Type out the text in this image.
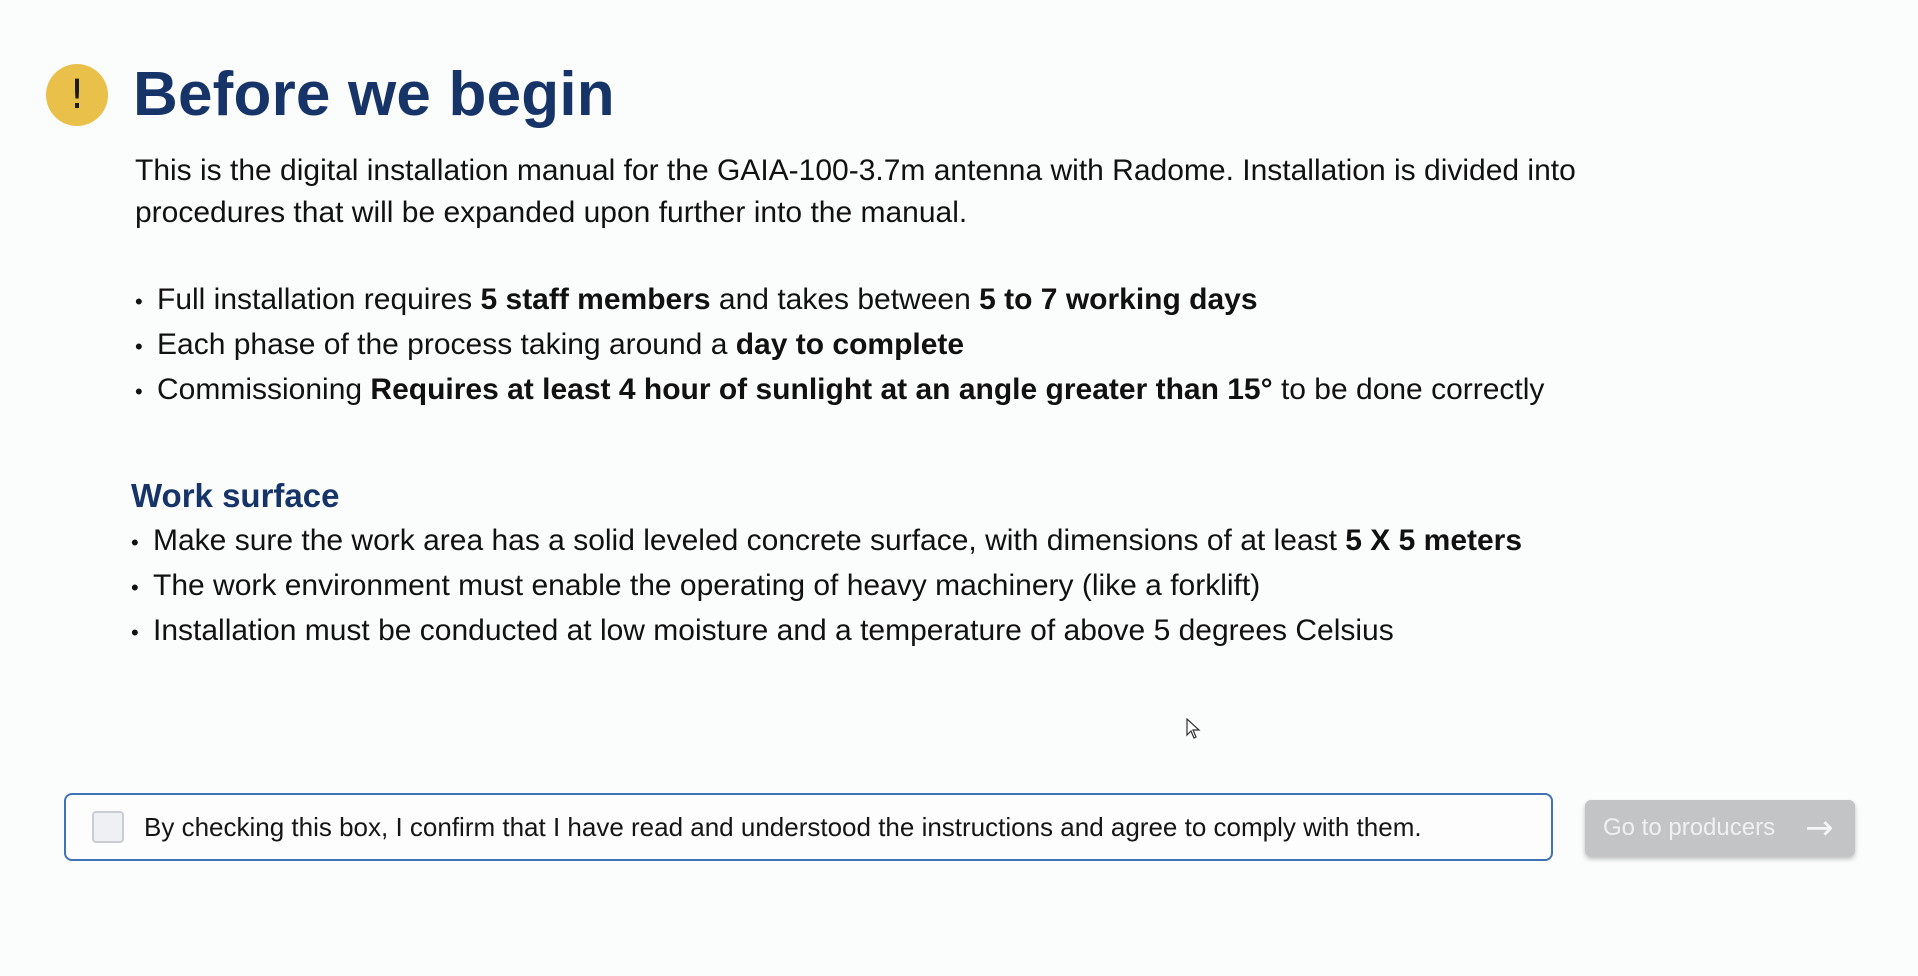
! Before we begin

This is the digital installation manual for the GAIA-100-3.7m antenna with Radome. Installation is divided into procedures that will be expanded upon further into the manual.

• Full installation requires 5 staff members and takes between 5 to 7 working days
• Each phase of the process taking around a day to complete
• Commissioning Requires at least 4 hour of sunlight at an angle greater than 15° to be done correctly
Work surface
• Make sure the work area has a solid leveled concrete surface, with dimensions of at least 5 X 5 meters
• The work environment must enable the operating of heavy machinery (like a forklift)
• Installation must be conducted at low moisture and a temperature of above 5 degrees Celsius
By checking this box, I confirm that I have read and understood the instructions and agree to comply with them.	Go to producers →
